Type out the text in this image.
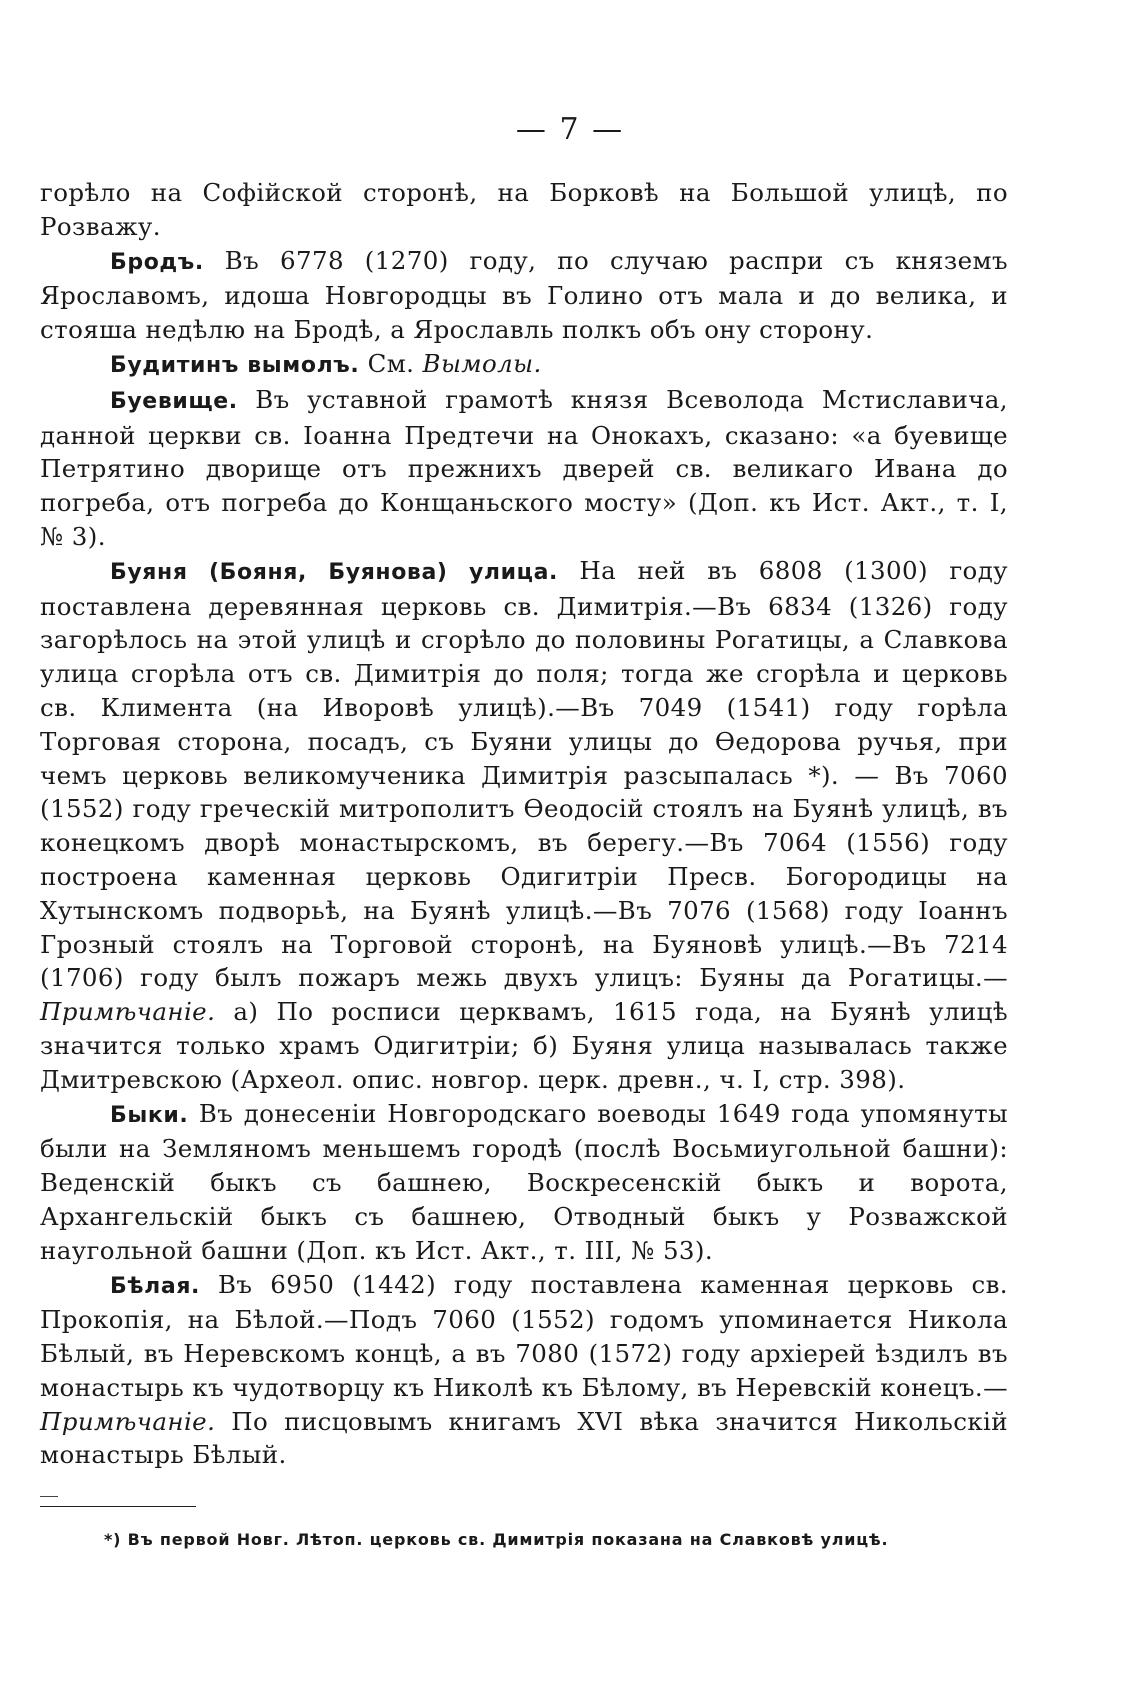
— 7 —

горѣло на Софійской сторонѣ, на Борковѣ на Большой улицѣ, по Розважу.

Бродъ. Въ 6778 (1270) году, по случаю распри съ княземъ Ярославомъ, идоша Новгородцы въ Голино отъ мала и до велика, и стояша недѣлю на Бродѣ, а Ярославль полкъ объ ону сторону.

Будитинъ вымолъ. См. Вымолы.

Буевище. Въ уставной грамотѣ князя Всеволода Мстиславича, данной церкви св. Іоанна Предтечи на Онокахъ, сказано: «а буевище Петрятино дворище отъ прежнихъ дверей св. великаго Ивана до погреба, отъ погреба до Конщаньского мосту» (Доп. къ Ист. Акт., т. I, № 3).

Буяня (Бояня, Буянова) улица. На ней въ 6808 (1300) году поставлена деревянная церковь св. Димитрія.—Въ 6834 (1326) году загорѣлось на этой улицѣ и сгорѣло до половины Рогатицы, а Славкова улица сгорѣла отъ св. Димитрія до поля; тогда же сгорѣла и церковь св. Климента (на Иворовѣ улицѣ).—Въ 7049 (1541) году горѣла Торговая сторона, посадъ, съ Буяни улицы до Ѳедорова ручья, при чемъ церковь великомученика Димитрія разсыпалась *). — Въ 7060 (1552) году греческій митрополитъ Ѳеодосій стоялъ на Буянѣ улицѣ, въ конецкомъ дворѣ монастырскомъ, въ берегу.—Въ 7064 (1556) году построена каменная церковь Одигитріи Пресв. Богородицы на Хутынскомъ подворьѣ, на Буянѣ улицѣ.—Въ 7076 (1568) году Іоаннъ Грозный стоялъ на Торговой сторонѣ, на Буяновѣ улицѣ.—Въ 7214 (1706) году былъ пожаръ межь двухъ улицъ: Буяны да Рогатицы.—Примѣчаніе. а) По росписи церквамъ, 1615 года, на Буянѣ улицѣ значится только храмъ Одигитріи; б) Буяня улица называлась также Дмитревскою (Археол. опис. новгор. церк. древн., ч. I, стр. 398).

Быки. Въ донесеніи Новгородскаго воеводы 1649 года упомянуты были на Земляномъ меньшемъ городѣ (послѣ Восьмиугольной башни): Веденскій быкъ съ башнею, Воскресенскій быкъ и ворота, Архангельскій быкъ съ башнею, Отводный быкъ у Розважской наугольной башни (Доп. къ Ист. Акт., т. III, № 53).

Бѣлая. Въ 6950 (1442) году поставлена каменная церковь св. Прокопія, на Бѣлой.—Подъ 7060 (1552) годомъ упоминается Никола Бѣлый, въ Неревскомъ концѣ, а въ 7080 (1572) году архіерей ѣздилъ въ монастырь къ чудотворцу къ Николѣ къ Бѣлому, въ Неревскій конецъ.— Примѣчаніе. По писцовымъ книгамъ XVI вѣка значится Никольскій монастырь Бѣлый.

*) Въ первой Новг. Лѣтоп. церковь св. Димитрія показана на Славковѣ улицѣ.
